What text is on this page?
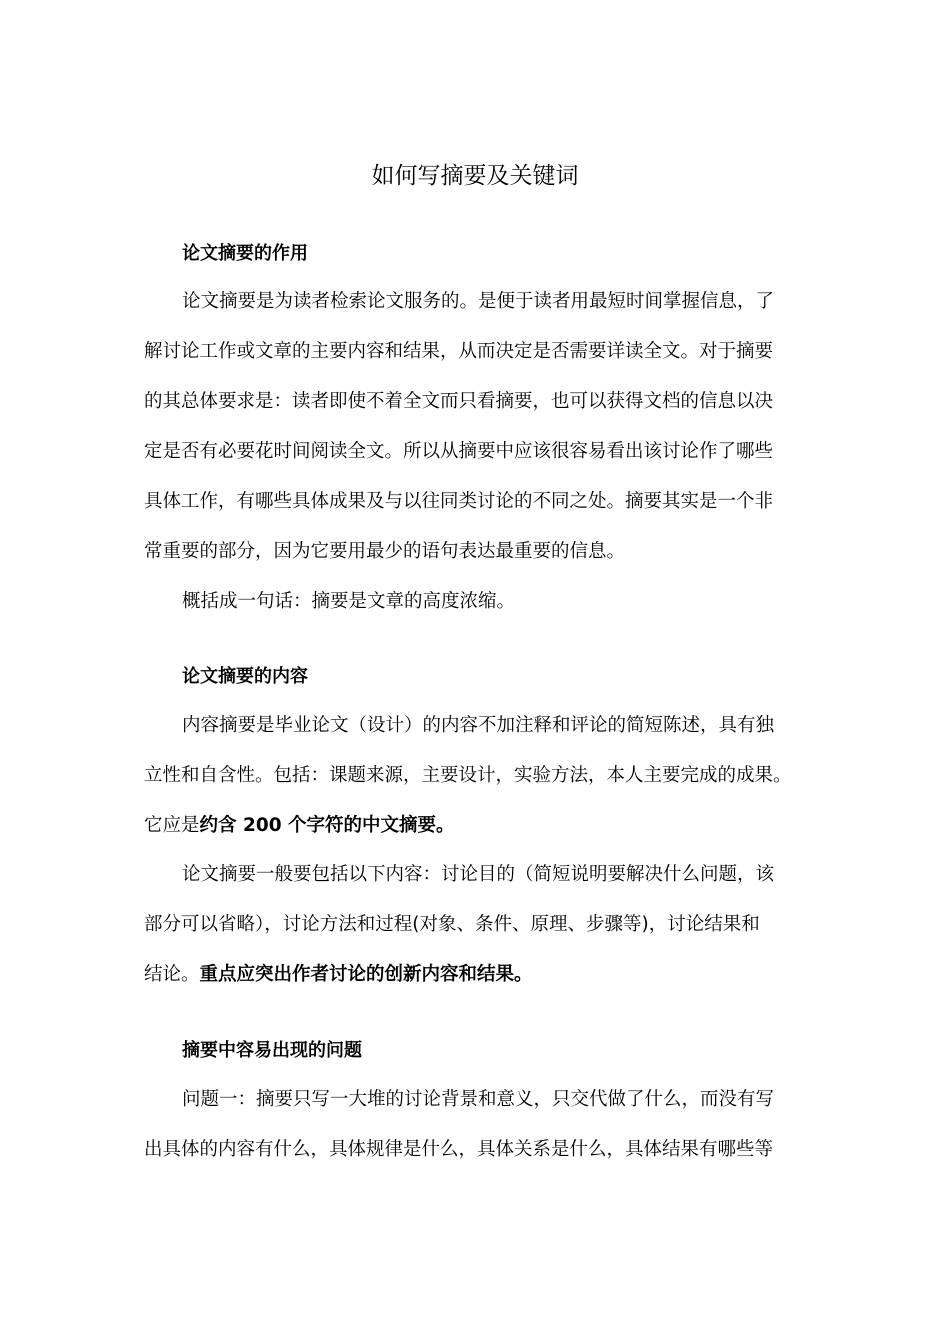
如何写摘要及关键词
论文摘要的作用

论文摘要是为读者检索论文服务的。是便于读者用最短时间掌握信息，了

解讨论工作或文章的主要内容和结果，从而决定是否需要详读全文。对于摘要

的其总体要求是：读者即使不着全文而只看摘要，也可以获得文档的信息以决

定是否有必要花时间阅读全文。所以从摘要中应该很容易看出该讨论作了哪些

具体工作，有哪些具体成果及与以往同类讨论的不同之处。摘要其实是一个非

常重要的部分，因为它要用最少的语句表达最重要的信息。

概括成一句话：摘要是文章的高度浓缩。

论文摘要的内容

内容摘要是毕业论文（设计）的内容不加注释和评论的简短陈述，具有独

立性和自含性。包括：课题来源，主要设计，实验方法，本人主要完成的成果。

它应是约含 200 个字符的中文摘要。

论文摘要一般要包括以下内容：讨论目的（简短说明要解决什么问题，该

部分可以省略），讨论方法和过程(对象、条件、原理、步骤等)，讨论结果和

结论。重点应突出作者讨论的创新内容和结果。

摘要中容易出现的问题

问题一：摘要只写一大堆的讨论背景和意义，只交代做了什么，而没有写

出具体的内容有什么，具体规律是什么，具体关系是什么，具体结果有哪些等
